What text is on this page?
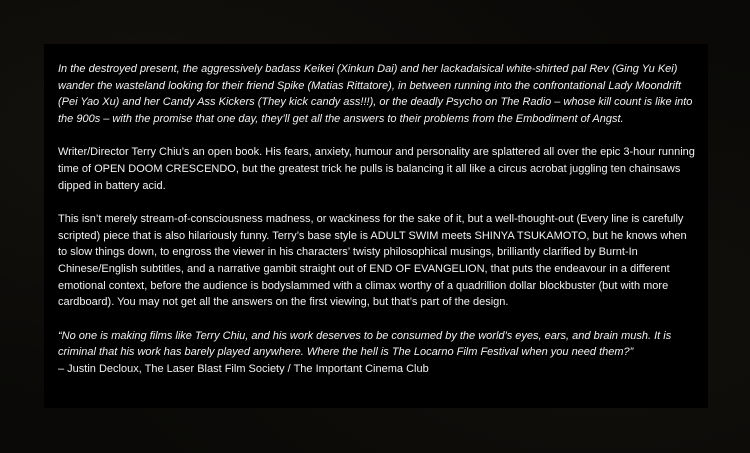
In the destroyed present, the aggressively badass Keikei (Xinkun Dai) and her lackadaisical white-shirted pal Rev (Ging Yu Kei) wander the wasteland looking for their friend Spike (Matias Rittatore), in between running into the confrontational Lady Moondrift (Pei Yao Xu) and her Candy Ass Kickers (They kick candy ass!!!), or the deadly Psycho on The Radio – whose kill count is like into the 900s – with the promise that one day, they’ll get all the answers to their problems from the Embodiment of Angst.

Writer/Director Terry Chiu’s an open book. His fears, anxiety, humour and personality are splattered all over the epic 3-hour running time of OPEN DOOM CRESCENDO, but the greatest trick he pulls is balancing it all like a circus acrobat juggling ten chainsaws dipped in battery acid.

This isn’t merely stream-of-consciousness madness, or wackiness for the sake of it, but a well-thought-out (Every line is carefully scripted) piece that is also hilariously funny. Terry’s base style is ADULT SWIM meets SHINYA TSUKAMOTO, but he knows when to slow things down, to engross the viewer in his characters’ twisty philosophical musings, brilliantly clarified by Burnt-In Chinese/English subtitles, and a narrative gambit straight out of END OF EVANGELION, that puts the endeavour in a different emotional context, before the audience is bodyslammed with a climax worthy of a quadrillion dollar blockbuster (but with more cardboard). You may not get all the answers on the first viewing, but that’s part of the design.

“No one is making films like Terry Chiu, and his work deserves to be consumed by the world’s eyes, ears, and brain mush. It is criminal that his work has barely played anywhere. Where the hell is The Locarno Film Festival when you need them?”
– Justin Decloux, The Laser Blast Film Society / The Important Cinema Club
